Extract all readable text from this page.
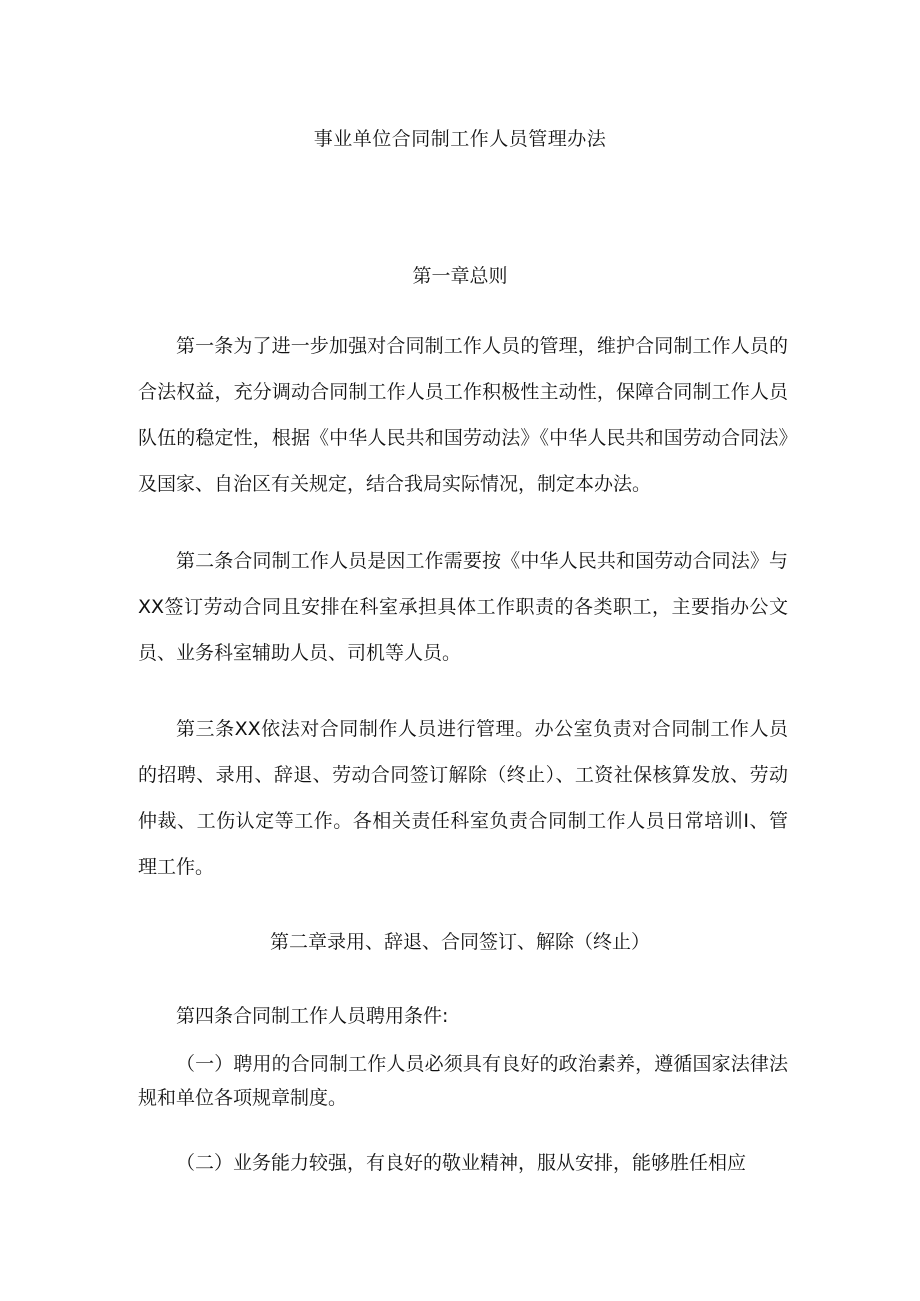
事业单位合同制工作人员管理办法
第一章总则

第一条为了进一步加强对合同制工作人员的管理，维护合同制工作人员的合法权益，充分调动合同制工作人员工作积极性主动性，保障合同制工作人员队伍的稳定性，根据《中华人民共和国劳动法》《中华人民共和国劳动合同法》及国家、自治区有关规定，结合我局实际情况，制定本办法。

第二条合同制工作人员是因工作需要按《中华人民共和国劳动合同法》与XX签订劳动合同且安排在科室承担具体工作职责的各类职工，主要指办公文员、业务科室辅助人员、司机等人员。

第三条XX依法对合同制作人员进行管理。办公室负责对合同制工作人员的招聘、录用、辞退、劳动合同签订解除（终止）、工资社保核算发放、劳动仲裁、工伤认定等工作。各相关责任科室负责合同制工作人员日常培训I、管理工作。

第二章录用、辞退、合同签订、解除（终止）

第四条合同制工作人员聘用条件:

（一）聘用的合同制工作人员必须具有良好的政治素养，遵循国家法律法规和单位各项规章制度。

（二）业务能力较强，有良好的敬业精神，服从安排，能够胜任相应
